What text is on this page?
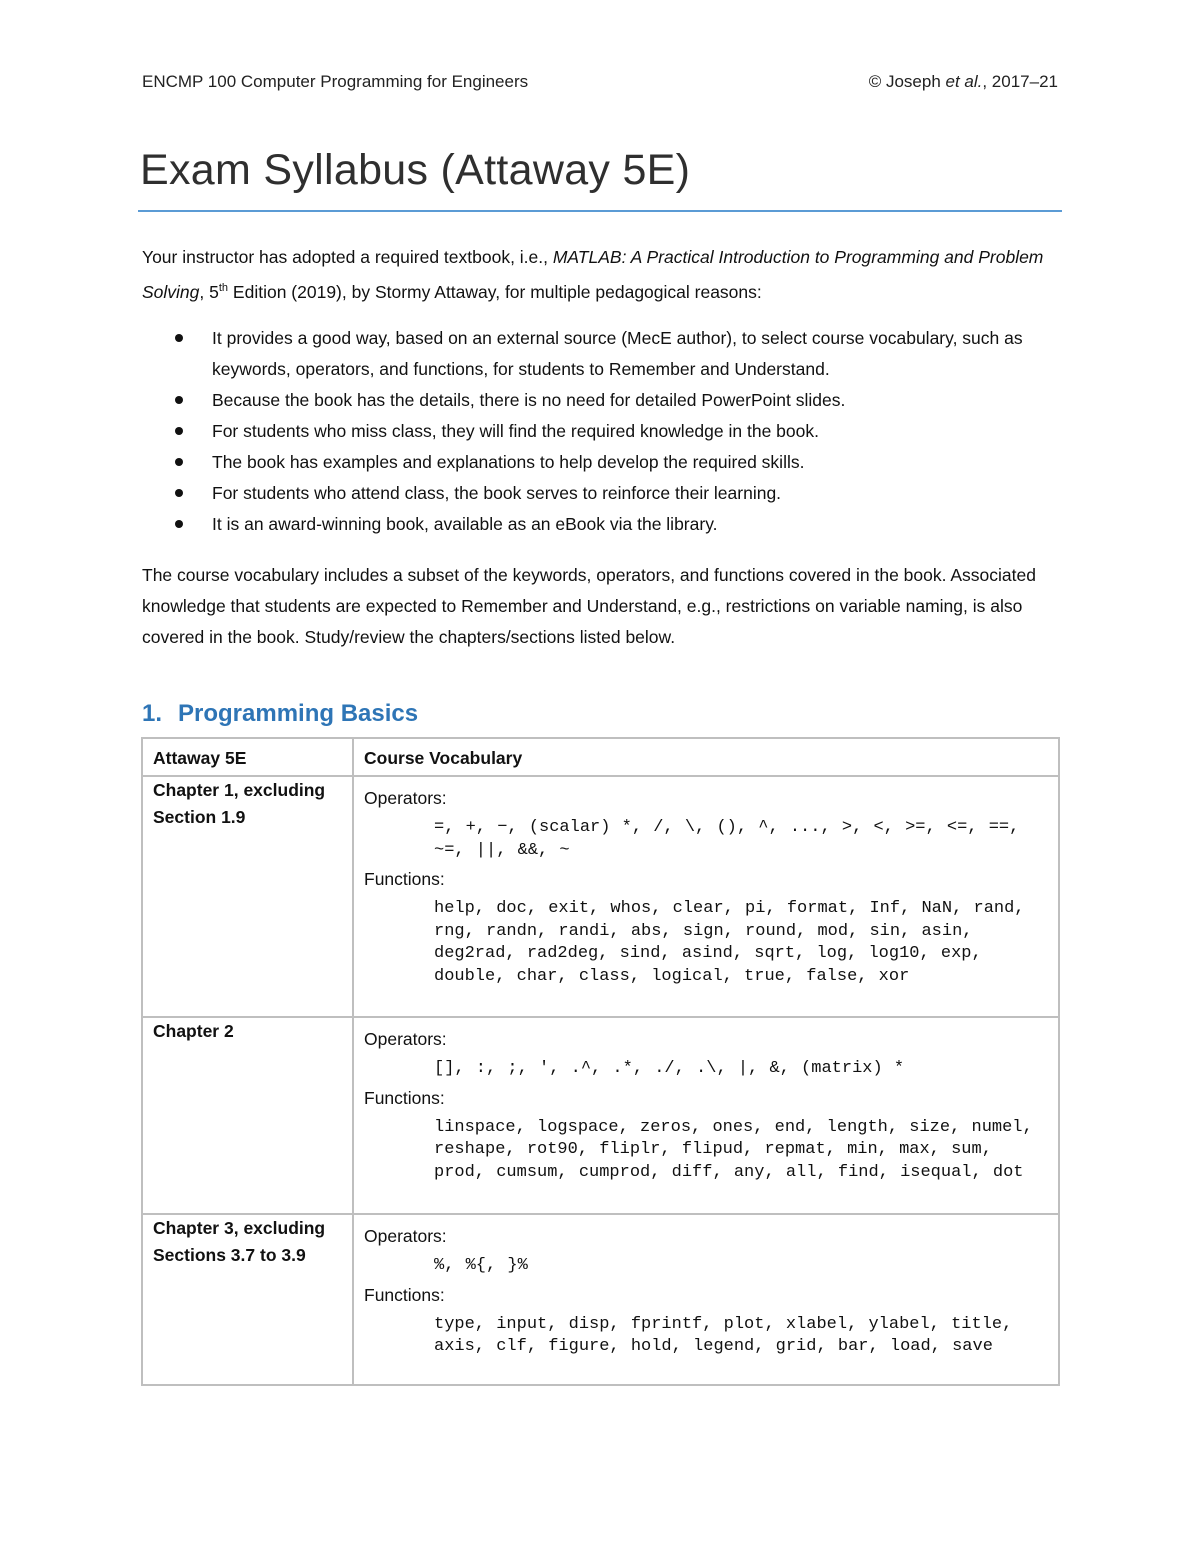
ENCMP 100 Computer Programming for Engineers	© Joseph et al., 2017–21
Exam Syllabus (Attaway 5E)

Your instructor has adopted a required textbook, i.e., MATLAB: A Practical Introduction to Programming and Problem Solving, 5th Edition (2019), by Stormy Attaway, for multiple pedagogical reasons:

It provides a good way, based on an external source (MecE author), to select course vocabulary, such as keywords, operators, and functions, for students to Remember and Understand.
Because the book has the details, there is no need for detailed PowerPoint slides.
For students who miss class, they will find the required knowledge in the book.
The book has examples and explanations to help develop the required skills.
For students who attend class, the book serves to reinforce their learning.
It is an award-winning book, available as an eBook via the library.

The course vocabulary includes a subset of the keywords, operators, and functions covered in the book. Associated knowledge that students are expected to Remember and Understand, e.g., restrictions on variable naming, is also covered in the book. Study/review the chapters/sections listed below.

1. Programming Basics
Attaway 5E	Course Vocabulary
Chapter 1, excluding Section 1.9	Operators:

=, +, −, (scalar) *, /, \, (), ^, ..., >, <, >=, <=, ==, ~=, ||, &&, ~

Functions:

help, doc, exit, whos, clear, pi, format, Inf, NaN, rand, rng, randn, randi, abs, sign, round, mod, sin, asin, deg2rad, rad2deg, sind, asind, sqrt, log, log10, exp, double, char, class, logical, true, false, xor

Chapter 2	Operators:

[], :, ;, ', .^, .*, ./, .\, |, &, (matrix) *

Functions:

linspace, logspace, zeros, ones, end, length, size, numel, reshape, rot90, fliplr, flipud, repmat, min, max, sum, prod, cumsum, cumprod, diff, any, all, find, isequal, dot

Chapter 3, excluding Sections 3.7 to 3.9	Operators:

%, %{, }%

Functions:

type, input, disp, fprintf, plot, xlabel, ylabel, title, axis, clf, figure, hold, legend, grid, bar, load, save
